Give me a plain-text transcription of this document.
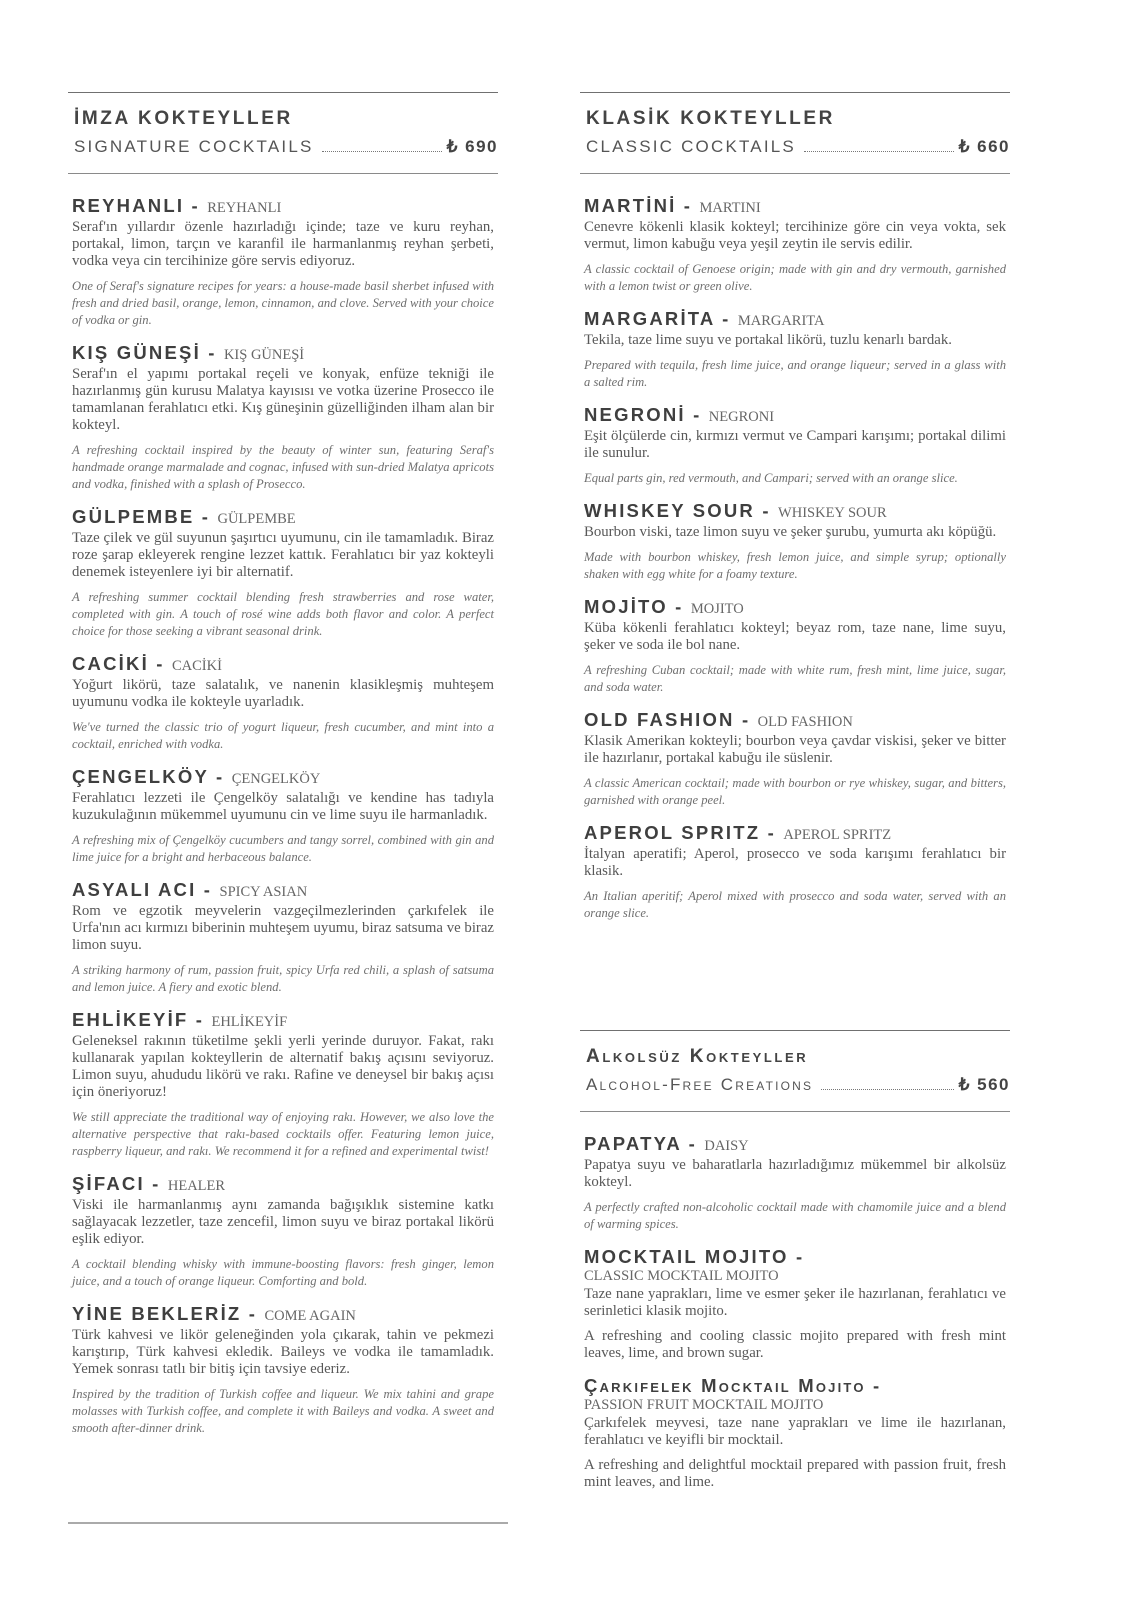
İMZA KOKTEYLLER
SIGNATURE COCKTAILS	₺ 690
REYHANLI - REYHANLI
Seraf'ın yıllardır özenle hazırladığı içinde; taze ve kuru reyhan, portakal, limon, tarçın ve karanfil ile harmanlanmış reyhan şerbeti, vodka veya cin tercihinize göre servis ediyoruz.
One of Seraf's signature recipes for years: a house-made basil sherbet infused with fresh and dried basil, orange, lemon, cinnamon, and clove. Served with your choice of vodka or gin.
KIŞ GÜNEŞİ - KIŞ GÜNEŞİ
Seraf'ın el yapımı portakal reçeli ve konyak, enfüze tekniği ile hazırlanmış gün kurusu Malatya kayısısı ve votka üzerine Prosecco ile tamamlanan ferahlatıcı etki. Kış güneşinin güzelliğinden ilham alan bir kokteyl.
A refreshing cocktail inspired by the beauty of winter sun, featuring Seraf's handmade orange marmalade and cognac, infused with sun-dried Malatya apricots and vodka, finished with a splash of Prosecco.
GÜLPEMBE - GÜLPEMBE
Taze çilek ve gül suyunun şaşırtıcı uyumunu, cin ile tamamladık. Biraz roze şarap ekleyerek rengine lezzet kattık. Ferahlatıcı bir yaz kokteyli denemek isteyenlere iyi bir alternatif.
A refreshing summer cocktail blending fresh strawberries and rose water, completed with gin. A touch of rosé wine adds both flavor and color. A perfect choice for those seeking a vibrant seasonal drink.
CACİKİ - CACİKİ
Yoğurt likörü, taze salatalık, ve nanenin klasikleşmiş muhteşem uyumunu vodka ile kokteyle uyarladık.
We've turned the classic trio of yogurt liqueur, fresh cucumber, and mint into a cocktail, enriched with vodka.
ÇENGELKÖY - ÇENGELKÖY
Ferahlatıcı lezzeti ile Çengelköy salatalığı ve kendine has tadıyla kuzukulağının mükemmel uyumunu cin ve lime suyu ile harmanladık.
A refreshing mix of Çengelköy cucumbers and tangy sorrel, combined with gin and lime juice for a bright and herbaceous balance.
ASYALI ACI - SPICY ASIAN
Rom ve egzotik meyvelerin vazgeçilmezlerinden çarkıfelek ile Urfa'nın acı kırmızı biberinin muhteşem uyumu, biraz satsuma ve biraz limon suyu.
A striking harmony of rum, passion fruit, spicy Urfa red chili, a splash of satsuma and lemon juice. A fiery and exotic blend.
EHLİKEYİF - EHLİKEYİF
Geleneksel rakının tüketilme şekli yerli yerinde duruyor. Fakat, rakı kullanarak yapılan kokteyllerin de alternatif bakış açısını seviyoruz. Limon suyu, ahududu likörü ve rakı. Rafine ve deneysel bir bakış açısı için öneriyoruz!
We still appreciate the traditional way of enjoying rakı. However, we also love the alternative perspective that rakı-based cocktails offer. Featuring lemon juice, raspberry liqueur, and rakı. We recommend it for a refined and experimental twist!
ŞİFACI - HEALER
Viski ile harmanlanmış aynı zamanda bağışıklık sistemine katkı sağlayacak lezzetler, taze zencefil, limon suyu ve biraz portakal likörü eşlik ediyor.
A cocktail blending whisky with immune-boosting flavors: fresh ginger, lemon juice, and a touch of orange liqueur. Comforting and bold.
YİNE BEKLERİZ - COME AGAIN
Türk kahvesi ve likör geleneğinden yola çıkarak, tahin ve pekmezi karıştırıp, Türk kahvesi ekledik. Baileys ve vodka ile tamamladık. Yemek sonrası tatlı bir bitiş için tavsiye ederiz.
Inspired by the tradition of Turkish coffee and liqueur. We mix tahini and grape molasses with Turkish coffee, and complete it with Baileys and vodka. A sweet and smooth after-dinner drink.
KLASİK KOKTEYLLER
CLASSIC COCKTAILS	₺ 660
MARTİNİ - MARTINI
Cenevre kökenli klasik kokteyl; tercihinize göre cin veya vokta, sek vermut, limon kabuğu veya yeşil zeytin ile servis edilir.
A classic cocktail of Genoese origin; made with gin and dry vermouth, garnished with a lemon twist or green olive.
MARGARİTA - MARGARITA
Tekila, taze lime suyu ve portakal likörü, tuzlu kenarlı bardak.
Prepared with tequila, fresh lime juice, and orange liqueur; served in a glass with a salted rim.
NEGRONİ - NEGRONI
Eşit ölçülerde cin, kırmızı vermut ve Campari karışımı; portakal dilimi ile sunulur.
Equal parts gin, red vermouth, and Campari; served with an orange slice.
WHISKEY SOUR - WHISKEY SOUR
Bourbon viski, taze limon suyu ve şeker şurubu, yumurta akı köpüğü.
Made with bourbon whiskey, fresh lemon juice, and simple syrup; optionally shaken with egg white for a foamy texture.
MOJİTO - MOJITO
Küba kökenli ferahlatıcı kokteyl; beyaz rom, taze nane, lime suyu, şeker ve soda ile bol nane.
A refreshing Cuban cocktail; made with white rum, fresh mint, lime juice, sugar, and soda water.
OLD FASHION - OLD FASHION
Klasik Amerikan kokteyli; bourbon veya çavdar viskisi, şeker ve bitter ile hazırlanır, portakal kabuğu ile süslenir.
A classic American cocktail; made with bourbon or rye whiskey, sugar, and bitters, garnished with orange peel.
APEROL SPRITZ - APEROL SPRITZ
İtalyan aperatifi; Aperol, prosecco ve soda karışımı ferahlatıcı bir klasik.
An Italian aperitif; Aperol mixed with prosecco and soda water, served with an orange slice.
Alkolsüz Kokteyller
Alcohol-Free Creations	₺ 560
PAPATYA - DAISY
Papatya suyu ve baharatlarla hazırladığımız mükemmel bir alkolsüz kokteyl.
A perfectly crafted non-alcoholic cocktail made with chamomile juice and a blend of warming spices.
MOCKTAIL MOJITO -
CLASSIC MOCKTAIL MOJITO
Taze nane yaprakları, lime ve esmer şeker ile hazırlanan, ferahlatıcı ve serinletici klasik mojito.
A refreshing and cooling classic mojito prepared with fresh mint leaves, lime, and brown sugar.
Çarkıfelek Mocktail Mojito -
PASSION FRUIT MOCKTAIL MOJITO
Çarkıfelek meyvesi, taze nane yaprakları ve lime ile hazırlanan, ferahlatıcı ve keyifli bir mocktail.
A refreshing and delightful mocktail prepared with passion fruit, fresh mint leaves, and lime.
